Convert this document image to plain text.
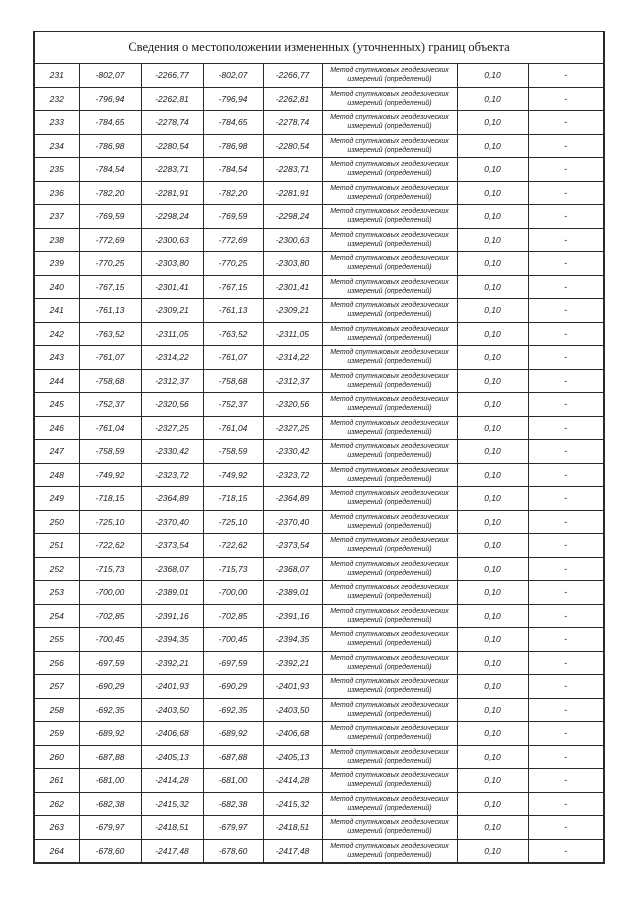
Сведения о местоположении измененных (уточненных) границ объекта							
231	-802,07	-2266,77	-802,07	-2266,77	Метод спутниковых геодезических
измерений (определений)	0,10	-
232	-796,94	-2262,81	-796,94	-2262,81	Метод спутниковых геодезических
измерений (определений)	0,10	-
233	-784,65	-2278,74	-784,65	-2278,74	Метод спутниковых геодезических
измерений (определений)	0,10	-
234	-786,98	-2280,54	-786,98	-2280,54	Метод спутниковых геодезических
измерений (определений)	0,10	-
235	-784,54	-2283,71	-784,54	-2283,71	Метод спутниковых геодезических
измерений (определений)	0,10	-
236	-782,20	-2281,91	-782,20	-2281,91	Метод спутниковых геодезических
измерений (определений)	0,10	-
237	-769,59	-2298,24	-769,59	-2298,24	Метод спутниковых геодезических
измерений (определений)	0,10	-
238	-772,69	-2300,63	-772,69	-2300,63	Метод спутниковых геодезических
измерений (определений)	0,10	-
239	-770,25	-2303,80	-770,25	-2303,80	Метод спутниковых геодезических
измерений (определений)	0,10	-
240	-767,15	-2301,41	-767,15	-2301,41	Метод спутниковых геодезических
измерений (определений)	0,10	-
241	-761,13	-2309,21	-761,13	-2309,21	Метод спутниковых геодезических
измерений (определений)	0,10	-
242	-763,52	-2311,05	-763,52	-2311,05	Метод спутниковых геодезических
измерений (определений)	0,10	-
243	-761,07	-2314,22	-761,07	-2314,22	Метод спутниковых геодезических
измерений (определений)	0,10	-
244	-758,68	-2312,37	-758,68	-2312,37	Метод спутниковых геодезических
измерений (определений)	0,10	-
245	-752,37	-2320,56	-752,37	-2320,56	Метод спутниковых геодезических
измерений (определений)	0,10	-
246	-761,04	-2327,25	-761,04	-2327,25	Метод спутниковых геодезических
измерений (определений)	0,10	-
247	-758,59	-2330,42	-758,59	-2330,42	Метод спутниковых геодезических
измерений (определений)	0,10	-
248	-749,92	-2323,72	-749,92	-2323,72	Метод спутниковых геодезических
измерений (определений)	0,10	-
249	-718,15	-2364,89	-718,15	-2364,89	Метод спутниковых геодезических
измерений (определений)	0,10	-
250	-725,10	-2370,40	-725,10	-2370,40	Метод спутниковых геодезических
измерений (определений)	0,10	-
251	-722,62	-2373,54	-722,62	-2373,54	Метод спутниковых геодезических
измерений (определений)	0,10	-
252	-715,73	-2368,07	-715,73	-2368,07	Метод спутниковых геодезических
измерений (определений)	0,10	-
253	-700,00	-2389,01	-700,00	-2389,01	Метод спутниковых геодезических
измерений (определений)	0,10	-
254	-702,85	-2391,16	-702,85	-2391,16	Метод спутниковых геодезических
измерений (определений)	0,10	-
255	-700,45	-2394,35	-700,45	-2394,35	Метод спутниковых геодезических
измерений (определений)	0,10	-
256	-697,59	-2392,21	-697,59	-2392,21	Метод спутниковых геодезических
измерений (определений)	0,10	-
257	-690,29	-2401,93	-690,29	-2401,93	Метод спутниковых геодезических
измерений (определений)	0,10	-
258	-692,35	-2403,50	-692,35	-2403,50	Метод спутниковых геодезических
измерений (определений)	0,10	-
259	-689,92	-2406,68	-689,92	-2406,68	Метод спутниковых геодезических
измерений (определений)	0,10	-
260	-687,88	-2405,13	-687,88	-2405,13	Метод спутниковых геодезических
измерений (определений)	0,10	-
261	-681,00	-2414,28	-681,00	-2414,28	Метод спутниковых геодезических
измерений (определений)	0,10	-
262	-682,38	-2415,32	-682,38	-2415,32	Метод спутниковых геодезических
измерений (определений)	0,10	-
263	-679,97	-2418,51	-679,97	-2418,51	Метод спутниковых геодезических
измерений (определений)	0,10	-
264	-678,60	-2417,48	-678,60	-2417,48	Метод спутниковых геодезических
измерений (определений)	0,10	-
